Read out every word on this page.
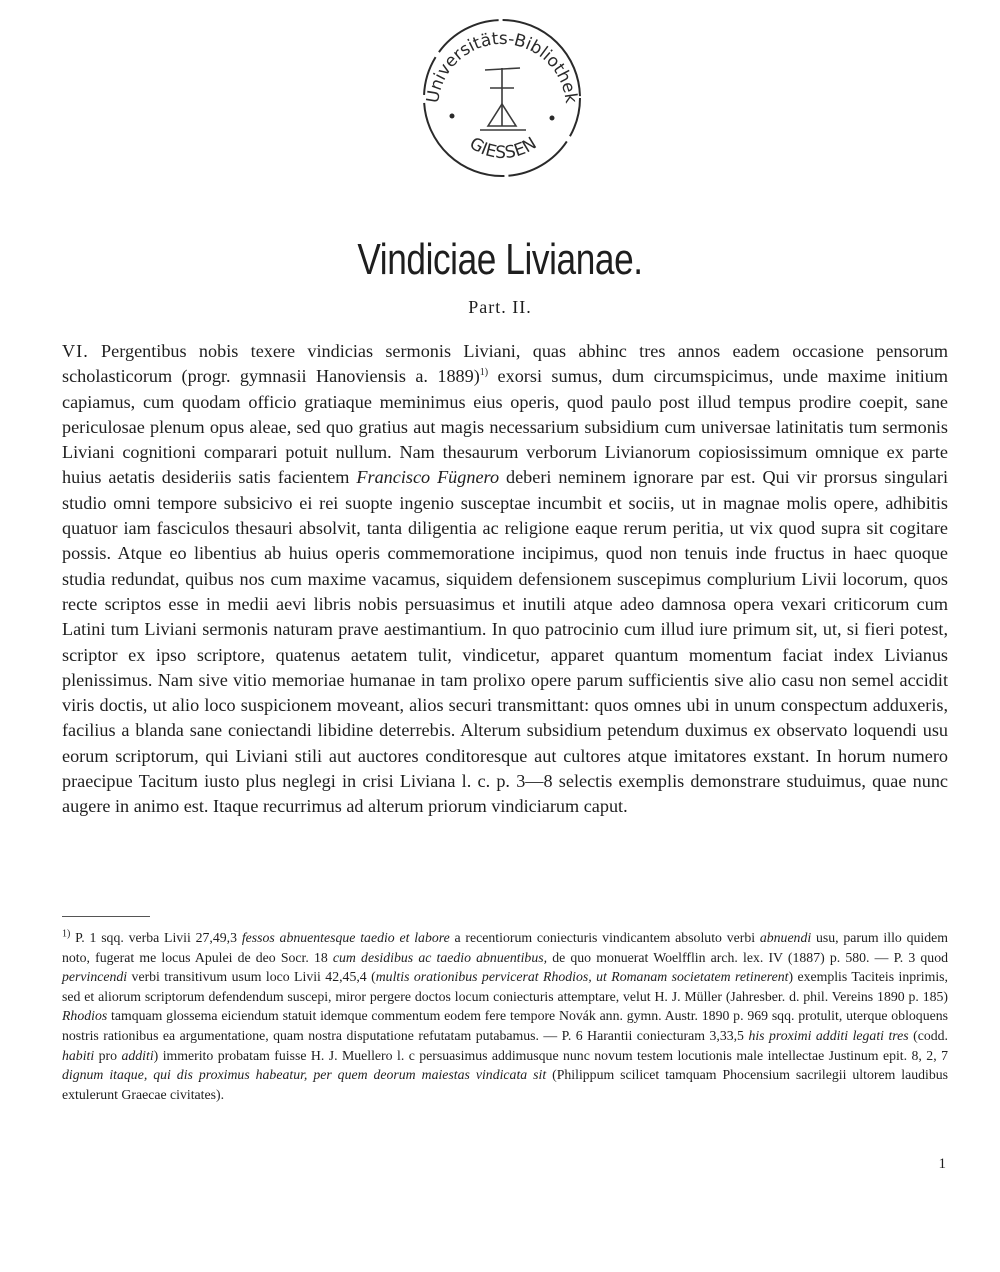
Universitäts-Bibliothek
GIESSEN
Vindiciae Livianae.
Part. II.

VI. Pergentibus nobis texere vindicias sermonis Liviani, quas abhinc tres annos eadem occasione pensorum scholasticorum (progr. gymnasii Hanoviensis a. 1889)$^{1)}$ exorsi sumus, dum circumspicimus, unde maxime initium capiamus, cum quodam officio gratiaque meminimus eius operis, quod paulo post illud tempus prodire coepit, sane periculosae plenum opus aleae, sed quo gratius aut magis necessarium subsidium cum universae latinitatis tum sermonis Liviani cognitioni comparari potuit nullum. Nam thesaurum verborum Livianorum copiosissimum omnique ex parte huius aetatis desideriis satis facientem Francisco Fügnero deberi neminem ignorare par est. Qui vir prorsus singulari studio omni tempore subsicivo ei rei suopte ingenio susceptae incumbit et sociis, ut in magnae molis opere, adhibitis quatuor iam fasciculos thesauri absolvit, tanta diligentia ac religione eaque rerum peritia, ut vix quod supra sit cogitare possis. Atque eo libentius ab huius operis commemoratione incipimus, quod non tenuis inde fructus in haec quoque studia redundat, quibus nos cum maxime vacamus, siquidem defensionem suscepimus complurium Livii locorum, quos recte scriptos esse in medii aevi libris nobis persuasimus et inutili atque adeo damnosa opera vexari criticorum cum Latini tum Liviani sermonis naturam prave aestimantium. In quo patrocinio cum illud iure primum sit, ut, si fieri potest, scriptor ex ipso scriptore, quatenus aetatem tulit, vindicetur, apparet quantum momentum faciat index Livianus plenissimus. Nam sive vitio memoriae humanae in tam prolixo opere parum sufficientis sive alio casu non semel accidit viris doctis, ut alio loco suspicionem moveant, alios securi transmittant: quos omnes ubi in unum conspectum adduxeris, facilius a blanda sane coniectandi libidine deterrebis. Alterum subsidium petendum duximus ex observato loquendi usu eorum scriptorum, qui Liviani stili aut auctores conditoresque aut cultores atque imitatores exstant. In horum numero praecipue Tacitum iusto plus neglegi in crisi Liviana l. c. p. 3—8 selectis exemplis demonstrare studuimus, quae nunc augere in animo est. Itaque recurrimus ad alterum priorum vindiciarum caput.

$^{1)}$ P. 1 sqq. verba Livii 27,49,3 fessos abnuentesque taedio et labore a recentiorum coniecturis vindicantem absoluto verbi abnuendi usu, parum illo quidem noto, fugerat me locus Apulei de deo Socr. 18 cum desidibus ac taedio abnuentibus, de quo monuerat Woelfflin arch. lex. IV (1887) p. 580. — P. 3 quod pervincendi verbi transitivum usum loco Livii 42,45,4 (multis orationibus pervicerat Rhodios, ut Romanam societatem retinerent) exemplis Taciteis inprimis, sed et aliorum scriptorum defendendum suscepi, miror pergere doctos locum coniecturis attemptare, velut H. J. Müller (Jahresber. d. phil. Vereins 1890 p. 185) Rhodios tamquam glossema eiciendum statuit idemque commentum eodem fere tempore Novák ann. gymn. Austr. 1890 p. 969 sqq. protulit, uterque obloquens nostris rationibus ea argumentatione, quam nostra disputatione refutatam putabamus. — P. 6 Harantii coniecturam 3,33,5 his proximi additi legati tres (codd. habiti pro additi) immerito probatam fuisse H. J. Muellero l. c persuasimus addimusque nunc novum testem locutionis male intellectae Justinum epit. 8, 2, 7 dignum itaque, qui dis proximus habeatur, per quem deorum maiestas vindicata sit (Philippum scilicet tamquam Phocensium sacrilegii ultorem laudibus extulerunt Graecae civitates).

1
